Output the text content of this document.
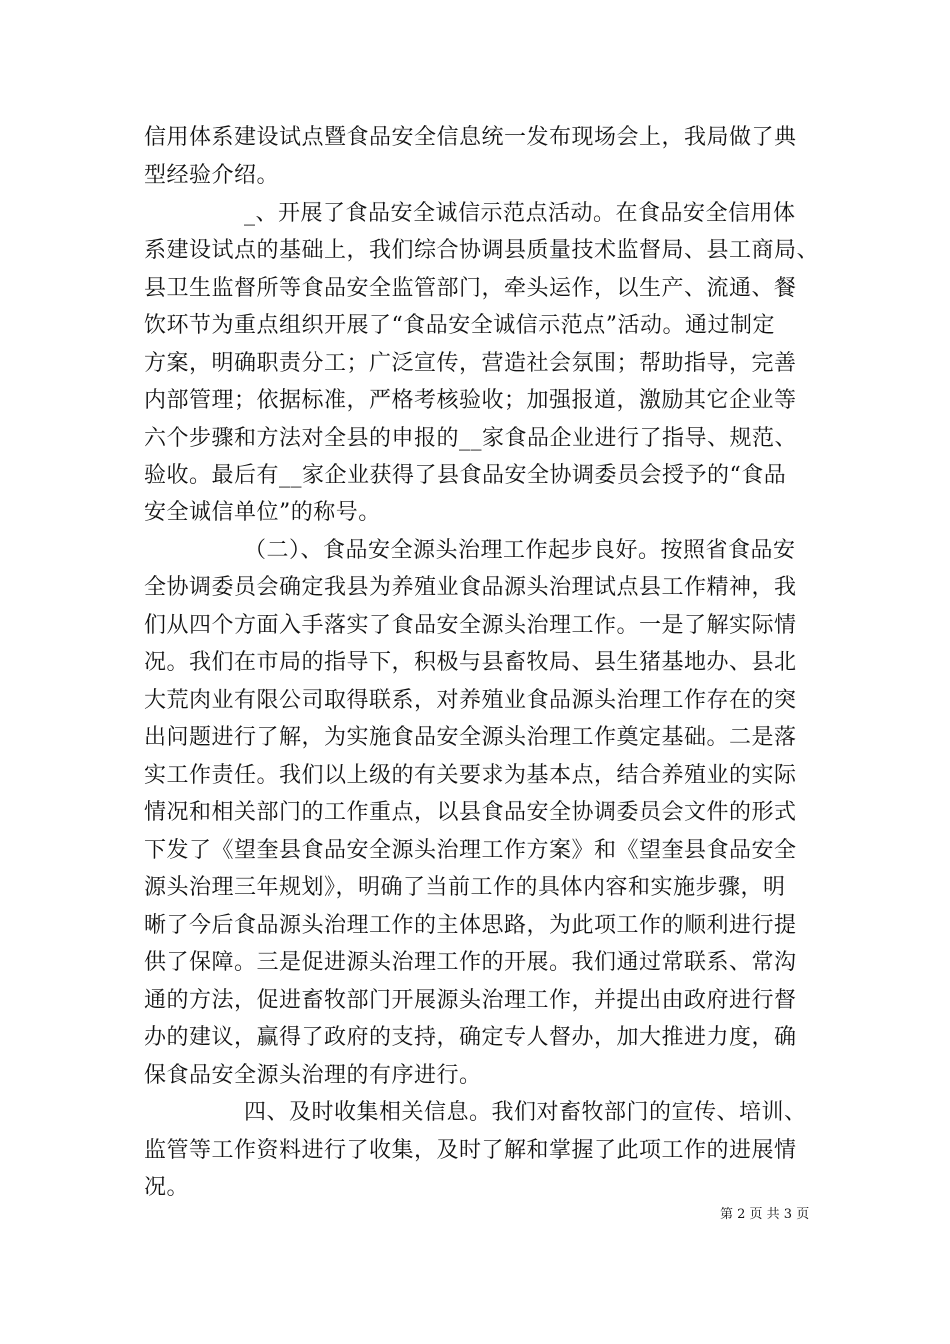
信用体系建设试点暨食品安全信息统一发布现场会上，我局做了典
型经验介绍。
_、开展了食品安全诚信示范点活动。在食品安全信用体
系建设试点的基础上，我们综合协调县质量技术监督局、县工商局、
县卫生监督所等食品安全监管部门，牵头运作，以生产、流通、餐
饮环节为重点组织开展了“食品安全诚信示范点”活动。通过制定
方案，明确职责分工；广泛宣传，营造社会氛围；帮助指导，完善
内部管理；依据标准，严格考核验收；加强报道，激励其它企业等
六个步骤和方法对全县的申报的__家食品企业进行了指导、规范、
验收。最后有__家企业获得了县食品安全协调委员会授予的“食品
安全诚信单位”的称号。
（二）、食品安全源头治理工作起步良好。按照省食品安
全协调委员会确定我县为养殖业食品源头治理试点县工作精神，我
们从四个方面入手落实了食品安全源头治理工作。一是了解实际情
况。我们在市局的指导下，积极与县畜牧局、县生猪基地办、县北
大荒肉业有限公司取得联系，对养殖业食品源头治理工作存在的突
出问题进行了解，为实施食品安全源头治理工作奠定基础。二是落
实工作责任。我们以上级的有关要求为基本点，结合养殖业的实际
情况和相关部门的工作重点，以县食品安全协调委员会文件的形式
下发了《望奎县食品安全源头治理工作方案》和《望奎县食品安全
源头治理三年规划》，明确了当前工作的具体内容和实施步骤，明
晰了今后食品源头治理工作的主体思路，为此项工作的顺利进行提
供了保障。三是促进源头治理工作的开展。我们通过常联系、常沟
通的方法，促进畜牧部门开展源头治理工作，并提出由政府进行督
办的建议，赢得了政府的支持，确定专人督办，加大推进力度，确
保食品安全源头治理的有序进行。
四、及时收集相关信息。我们对畜牧部门的宣传、培训、
监管等工作资料进行了收集，及时了解和掌握了此项工作的进展情
况。
第 2 页 共 3 页
